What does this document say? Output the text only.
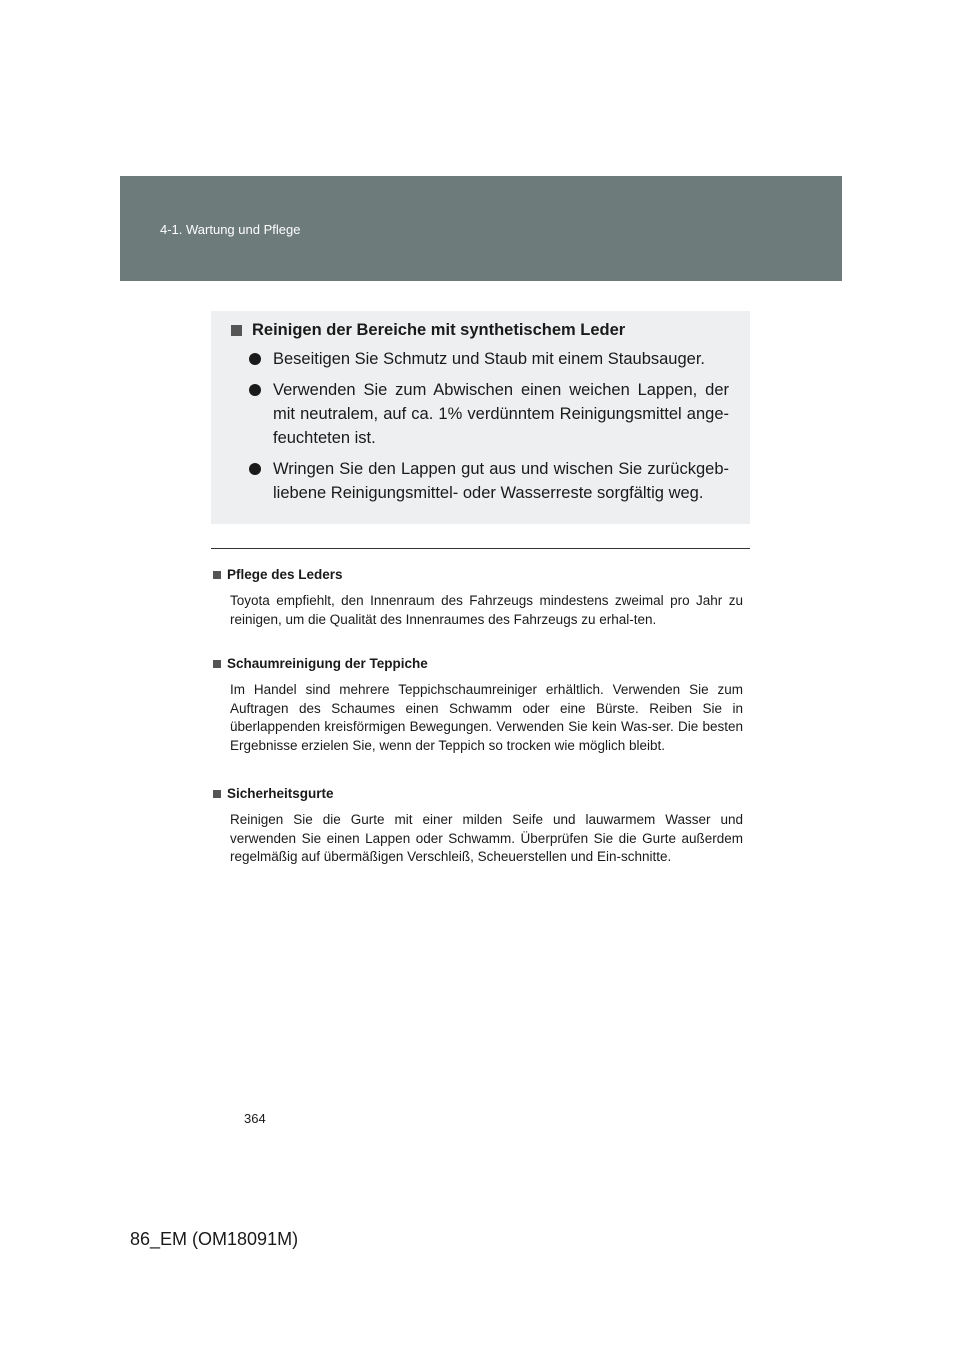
4-1. Wartung und Pflege
Reinigen der Bereiche mit synthetischem Leder
Beseitigen Sie Schmutz und Staub mit einem Staubsauger.
Verwenden Sie zum Abwischen einen weichen Lappen, der mit neutralem, auf ca. 1% verdünntem Reinigungsmittel ange-feuchteten ist.
Wringen Sie den Lappen gut aus und wischen Sie zurückgeb-liebene Reinigungsmittel- oder Wasserreste sorgfältig weg.
Pflege des Leders
Toyota empfiehlt, den Innenraum des Fahrzeugs mindestens zweimal pro Jahr zu reinigen, um die Qualität des Innenraumes des Fahrzeugs zu erhal-ten.
Schaumreinigung der Teppiche
Im Handel sind mehrere Teppichschaumreiniger erhältlich. Verwenden Sie zum Auftragen des Schaumes einen Schwamm oder eine Bürste. Reiben Sie in überlappenden kreisförmigen Bewegungen. Verwenden Sie kein Was-ser. Die besten Ergebnisse erzielen Sie, wenn der Teppich so trocken wie möglich bleibt.
Sicherheitsgurte
Reinigen Sie die Gurte mit einer milden Seife und lauwarmem Wasser und verwenden Sie einen Lappen oder Schwamm. Überprüfen Sie die Gurte außerdem regelmäßig auf übermäßigen Verschleiß, Scheuerstellen und Ein-schnitte.
364
86_EM (OM18091M)
